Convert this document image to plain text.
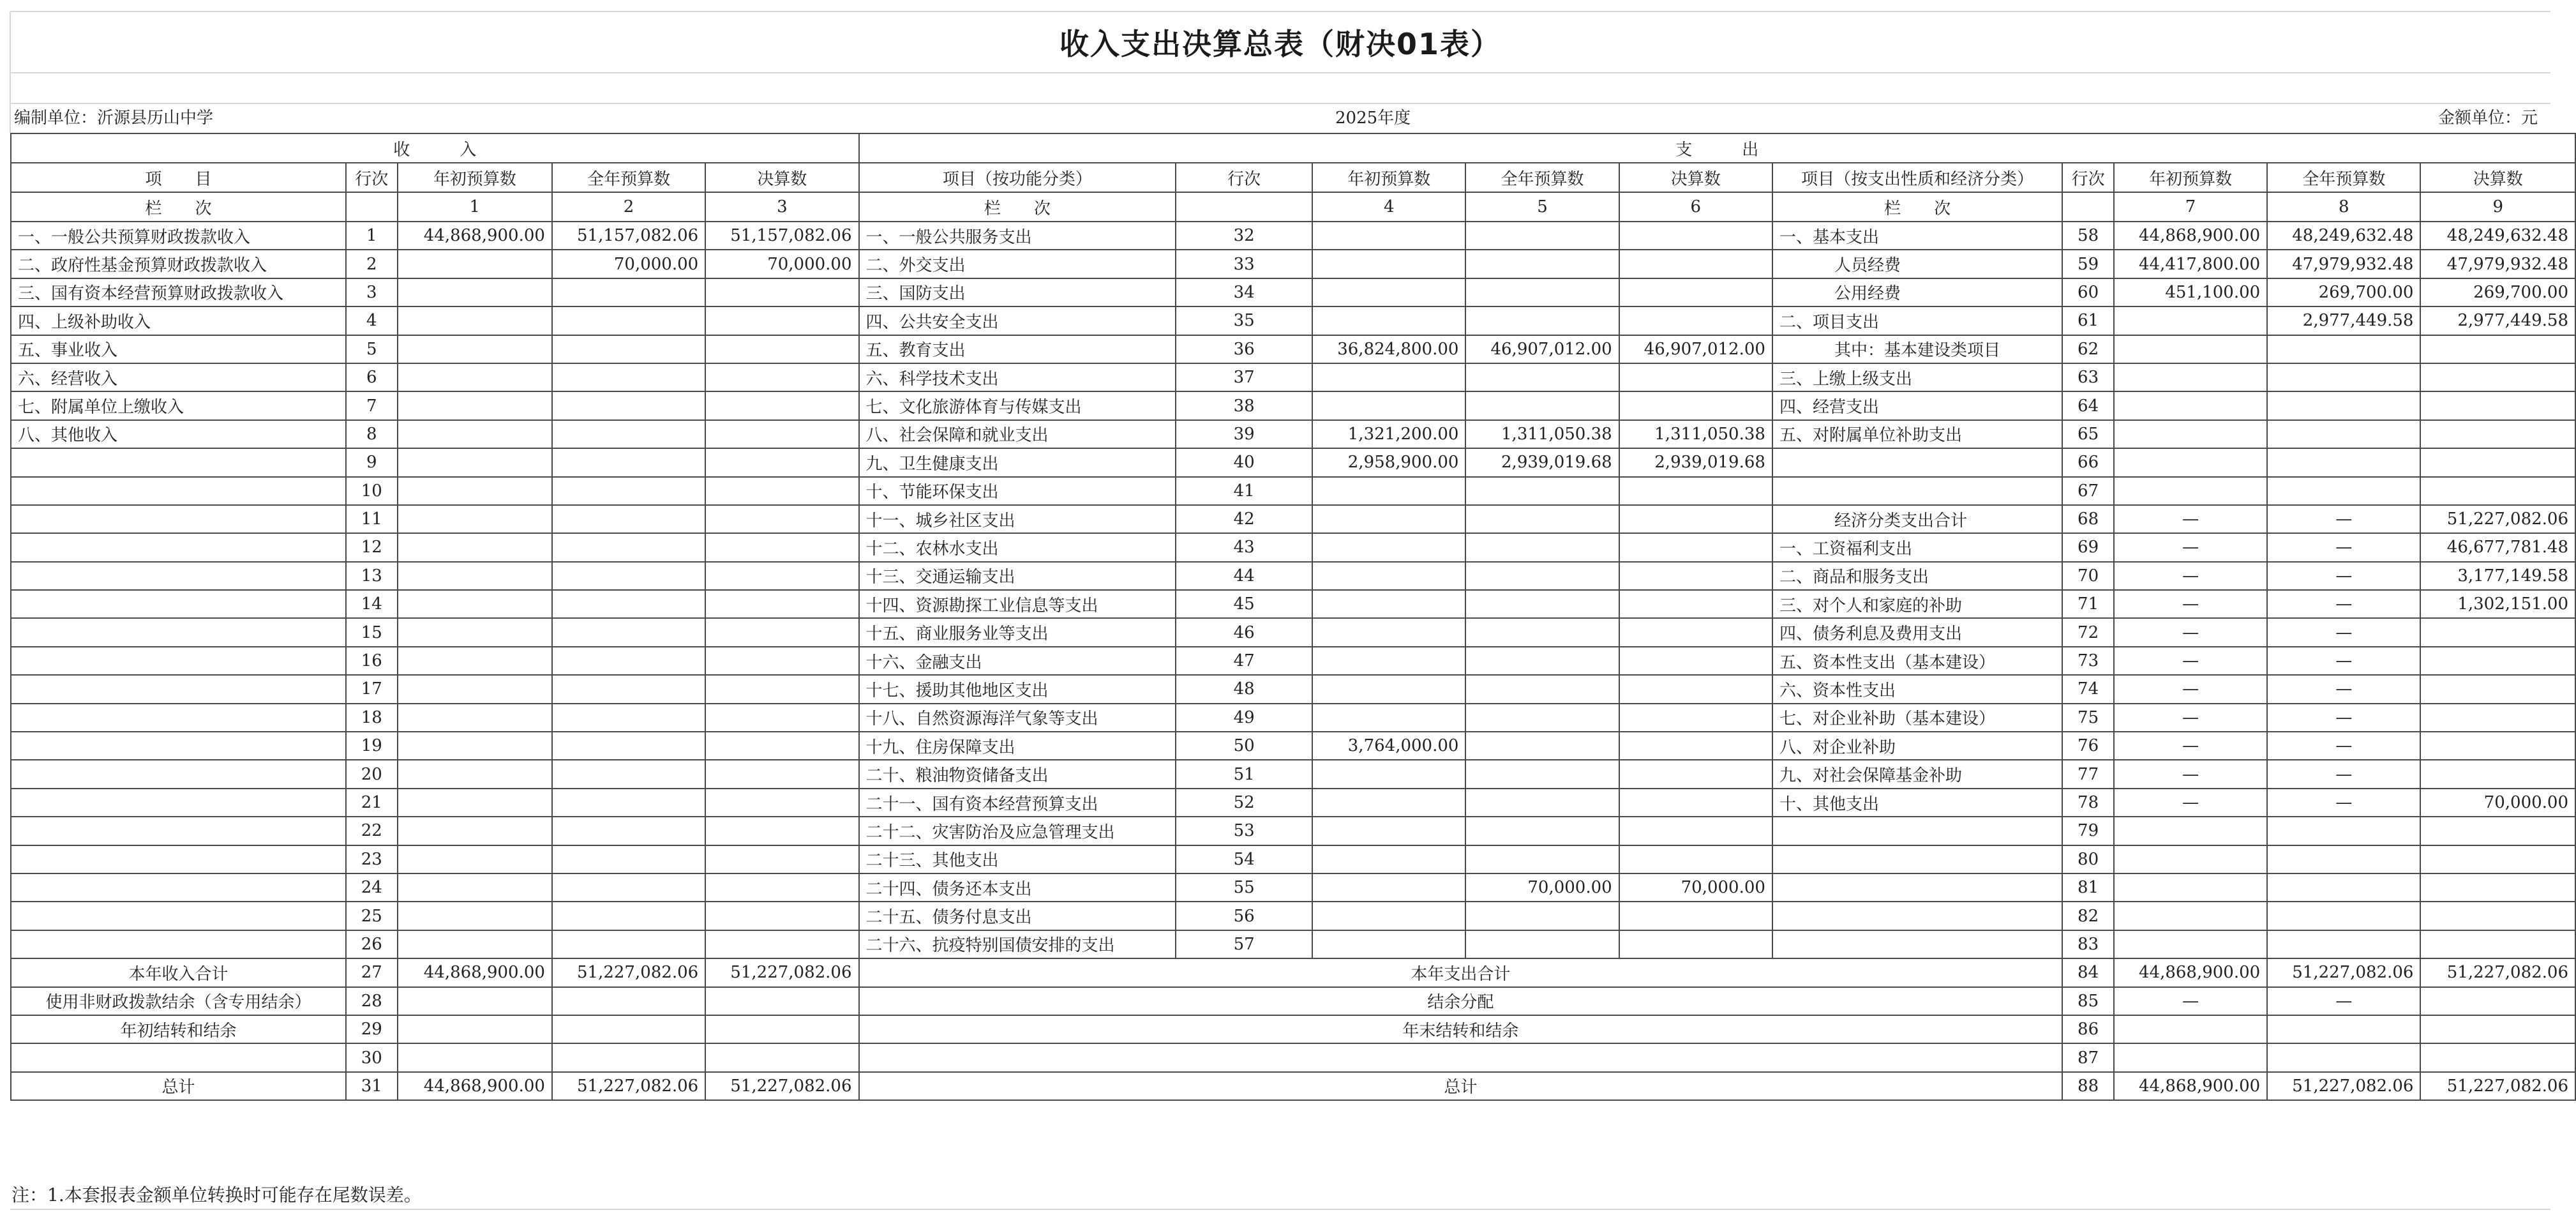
收入支出决算总表（财决01表）
编制单位：沂源县历山中学	2025年度	金额单位：元
收　　　入					支　　　出									
项　　目	行次	年初预算数	全年预算数	决算数	项目（按功能分类）	行次	年初预算数	全年预算数	决算数	项目（按支出性质和经济分类）	行次	年初预算数	全年预算数	决算数
栏　　次		1	2	3	栏　　次		4	5	6	栏　　次		7	8	9
一、一般公共预算财政拨款收入	1	44,868,900.00	51,157,082.06	51,157,082.06	一、一般公共服务支出	32				一、基本支出	58	44,868,900.00	48,249,632.48	48,249,632.48
二、政府性基金预算财政拨款收入	2		70,000.00	70,000.00	二、外交支出	33				人员经费	59	44,417,800.00	47,979,932.48	47,979,932.48
三、国有资本经营预算财政拨款收入	3				三、国防支出	34				公用经费	60	451,100.00	269,700.00	269,700.00
四、上级补助收入	4				四、公共安全支出	35				二、项目支出	61		2,977,449.58	2,977,449.58
五、事业收入	5				五、教育支出	36	36,824,800.00	46,907,012.00	46,907,012.00	其中：基本建设类项目	62			
六、经营收入	6				六、科学技术支出	37				三、上缴上级支出	63			
七、附属单位上缴收入	7				七、文化旅游体育与传媒支出	38				四、经营支出	64			
八、其他收入	8				八、社会保障和就业支出	39	1,321,200.00	1,311,050.38	1,311,050.38	五、对附属单位补助支出	65			
	9				九、卫生健康支出	40	2,958,900.00	2,939,019.68	2,939,019.68		66			
	10				十、节能环保支出	41					67			
	11				十一、城乡社区支出	42				经济分类支出合计	68	—	—	51,227,082.06
	12				十二、农林水支出	43				一、工资福利支出	69	—	—	46,677,781.48
	13				十三、交通运输支出	44				二、商品和服务支出	70	—	—	3,177,149.58
	14				十四、资源勘探工业信息等支出	45				三、对个人和家庭的补助	71	—	—	1,302,151.00
	15				十五、商业服务业等支出	46				四、债务利息及费用支出	72	—	—	
	16				十六、金融支出	47				五、资本性支出（基本建设）	73	—	—	
	17				十七、援助其他地区支出	48				六、资本性支出	74	—	—	
	18				十八、自然资源海洋气象等支出	49				七、对企业补助（基本建设）	75	—	—	
	19				十九、住房保障支出	50	3,764,000.00			八、对企业补助	76	—	—	
	20				二十、粮油物资储备支出	51				九、对社会保障基金补助	77	—	—	
	21				二十一、国有资本经营预算支出	52				十、其他支出	78	—	—	70,000.00
	22				二十二、灾害防治及应急管理支出	53					79			
	23				二十三、其他支出	54					80			
	24				二十四、债务还本支出	55		70,000.00	70,000.00		81			
	25				二十五、债务付息支出	56					82			
	26				二十六、抗疫特别国债安排的支出	57					83			
本年收入合计	27	44,868,900.00	51,227,082.06	51,227,082.06	本年支出合计						84	44,868,900.00	51,227,082.06	51,227,082.06
使用非财政拨款结余（含专用结余）	28				结余分配						85	—	—	
年初结转和结余	29				年末结转和结余						86			
	30										87			
总计	31	44,868,900.00	51,227,082.06	51,227,082.06	总计						88	44,868,900.00	51,227,082.06	51,227,082.06
注：1.本套报表金额单位转换时可能存在尾数误差。
